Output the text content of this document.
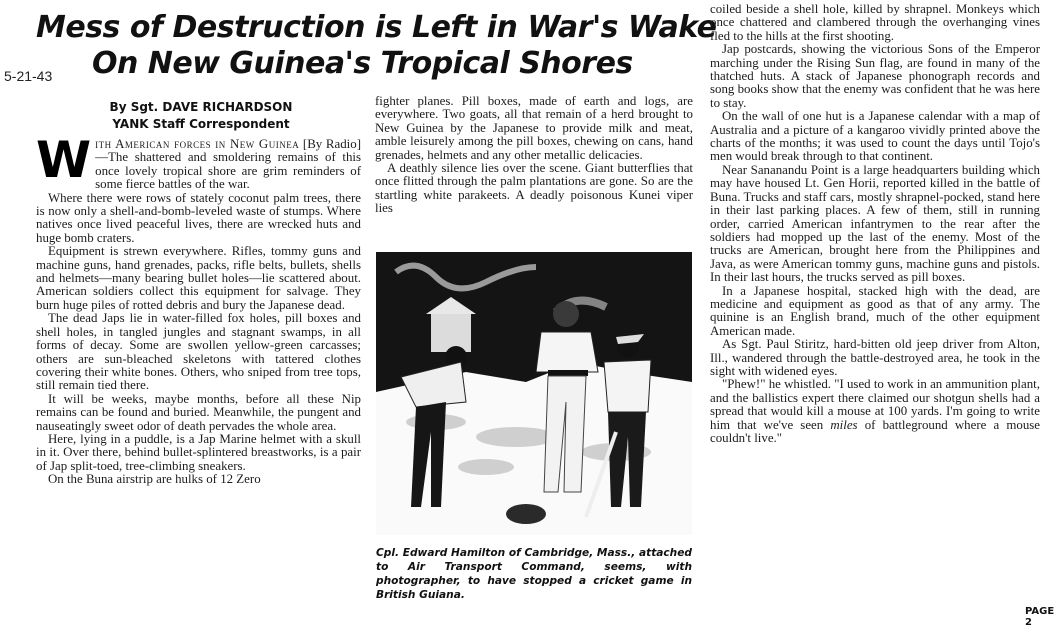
5-21-43
Mess of Destruction is Left in War's Wake
On New Guinea's Tropical Shores
By Sgt. DAVE RICHARDSON
YANK Staff Correspondent

With American forces in New Guinea [By Radio]—The shattered and smoldering remains of this once lovely tropical shore are grim reminders of some fierce battles of the war.

Where there were rows of stately coconut palm trees, there is now only a shell-and-bomb-leveled waste of stumps. Where natives once lived peaceful lives, there are wrecked huts and huge bomb craters.

Equipment is strewn everywhere. Rifles, tommy guns and machine guns, hand grenades, packs, rifle belts, bullets, shells and helmets—many bearing bullet holes—lie scattered about. American soldiers collect this equipment for salvage. They burn huge piles of rotted debris and bury the Japanese dead.

The dead Japs lie in water-filled fox holes, pill boxes and shell holes, in tangled jungles and stagnant swamps, in all forms of decay. Some are swollen yellow-green carcasses; others are sun-bleached skeletons with tattered clothes covering their white bones. Others, who sniped from tree tops, still remain tied there.

It will be weeks, maybe months, before all these Nip remains can be found and buried. Meanwhile, the pungent and nauseatingly sweet odor of death pervades the whole area.

Here, lying in a puddle, is a Jap Marine helmet with a skull in it. Over there, behind bullet-splintered breastworks, is a pair of Jap split-toed, tree-climbing sneakers.

On the Buna airstrip are hulks of 12 Zero

fighter planes. Pill boxes, made of earth and logs, are everywhere. Two goats, all that remain of a herd brought to New Guinea by the Japanese to provide milk and meat, amble leisurely among the pill boxes, chewing on cans, hand grenades, helmets and any other metallic delicacies.

A deathly silence lies over the scene. Giant butterflies that once flitted through the palm plantations are gone. So are the startling white parakeets. A deadly poisonous Kunei viper lies

Cpl. Edward Hamilton of Cambridge, Mass., attached to Air Transport Command, seems, with photographer, to have stopped a cricket game in British Guiana.

coiled beside a shell hole, killed by shrapnel. Monkeys which once chattered and clambered through the overhanging vines fled to the hills at the first shooting.

Jap postcards, showing the victorious Sons of the Emperor marching under the Rising Sun flag, are found in many of the thatched huts. A stack of Japanese phonograph records and song books show that the enemy was confident that he was here to stay.

On the wall of one hut is a Japanese calendar with a map of Australia and a picture of a kangaroo vividly printed above the charts of the months; it was used to count the days until Tojo's men would break through to that continent.

Near Sananandu Point is a large headquarters building which may have housed Lt. Gen Horii, reported killed in the battle of Buna. Trucks and staff cars, mostly shrapnel-pocked, stand here in their last parking places. A few of them, still in running order, carried American infantrymen to the rear after the soldiers had mopped up the last of the enemy. Most of the trucks are American, brought here from the Philippines and Java, as were American tommy guns, machine guns and pistols. In their last hours, the trucks served as pill boxes.

In a Japanese hospital, stacked high with the dead, are medicine and equipment as good as that of any army. The quinine is an English brand, much of the other equipment American made.

As Sgt. Paul Stiritz, hard-bitten old jeep driver from Alton, Ill., wandered through the battle-destroyed area, he took in the sight with widened eyes.

"Phew!" he whistled. "I used to work in an ammunition plant, and the ballistics expert there claimed our shotgun shells had a spread that would kill a mouse at 100 yards. I'm going to write him that we've seen miles of battleground where a mouse couldn't live."

PAGE 2
